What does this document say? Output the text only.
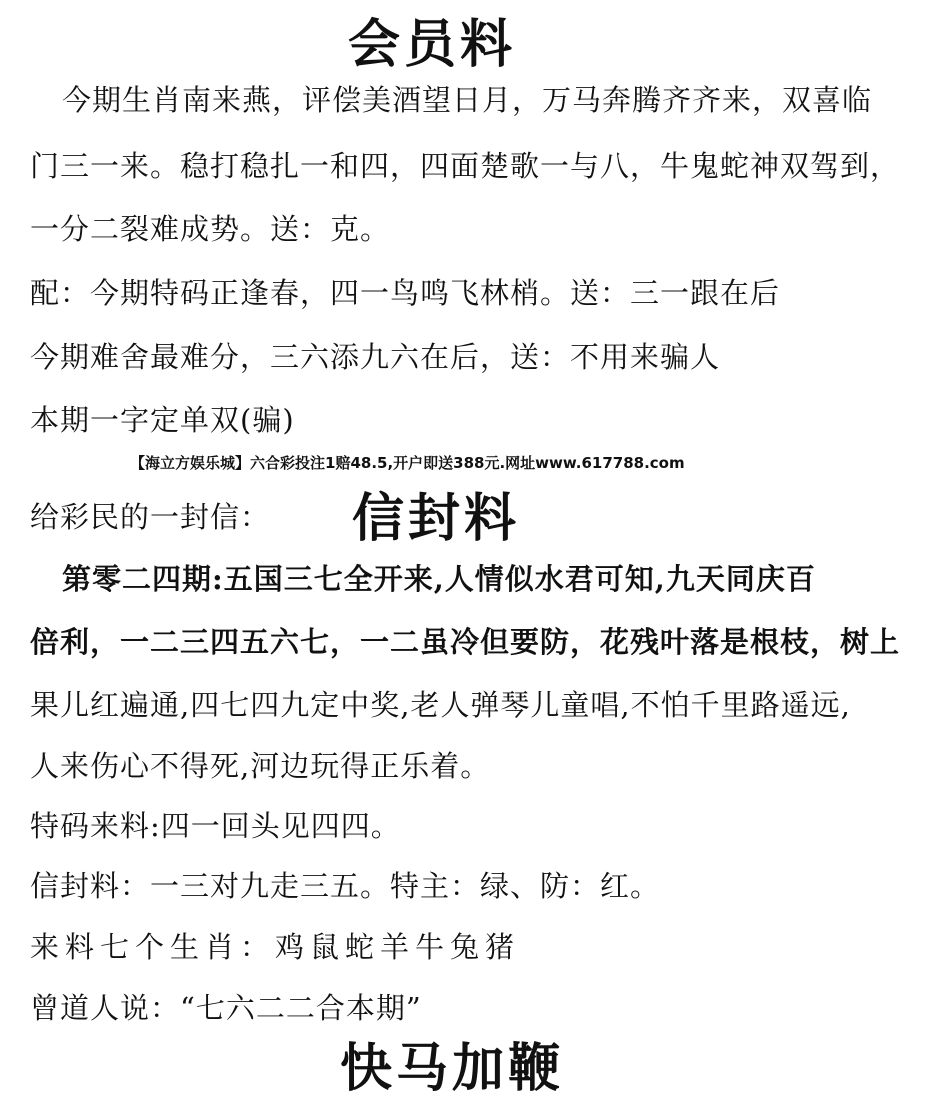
会员料
今期生肖南来燕，评偿美酒望日月，万马奔腾齐齐来，双喜临
门三一来。稳打稳扎一和四，四面楚歌一与八，牛鬼蛇神双驾到，
一分二裂难成势。送：克。
配：今期特码正逢春，四一鸟鸣飞林梢。送：三一跟在后
今期难舍最难分，三六添九六在后，送：不用来骗人
本期一字定单双(骗)
【海立方娱乐城】六合彩投注1赔48.5,开户即送388元.网址www.617788.com
给彩民的一封信： 信封料
第零二四期:五国三七全开来,人情似水君可知,九天同庆百
倍利，一二三四五六七，一二虽冷但要防，花残叶落是根枝，树上
果儿红遍通,四七四九定中奖,老人弹琴儿童唱,不怕千里路遥远,
人来伤心不得死,河边玩得正乐着。
特码来料:四一回头见四四。
信封料：一三对九走三五。特主：绿、防：红。
来料七个生肖：鸡鼠蛇羊牛兔猪
曾道人说：“七六二二合本期”
快马加鞭
